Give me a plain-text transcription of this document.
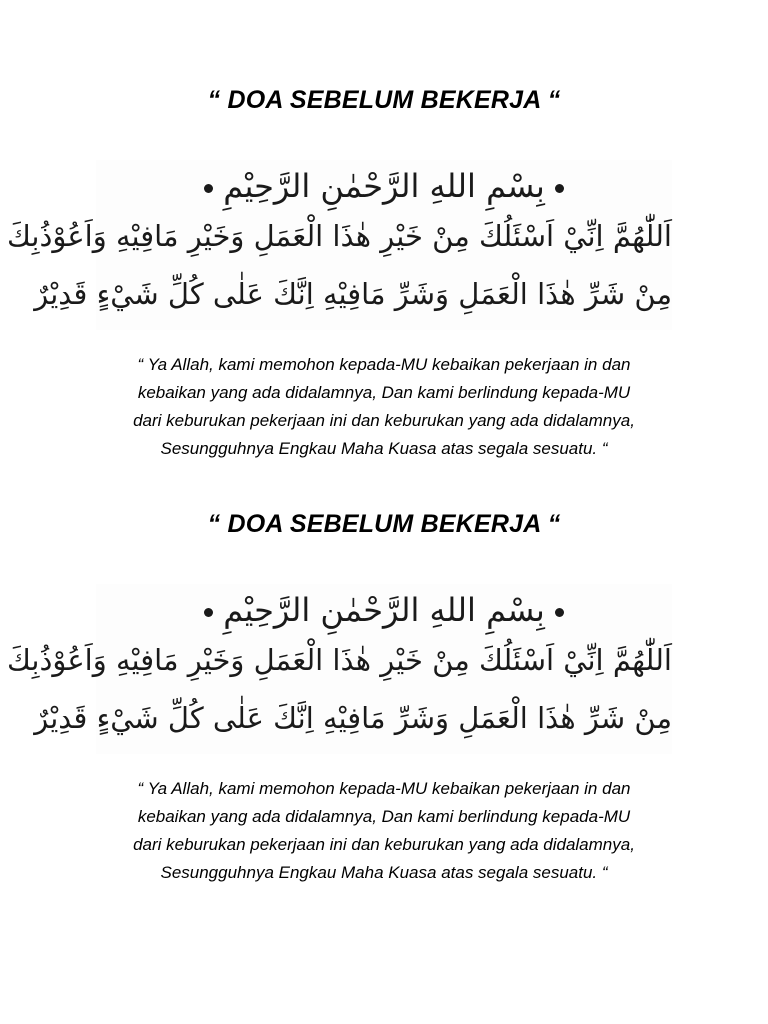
“ DOA SEBELUM BEKERJA “
بِسْمِ اللهِ الرَّحْمٰنِ الرَّحِيْمِ
اَللّٰهُمَّ اِنِّيْ اَسْئَلُكَ مِنْ خَيْرِ هٰذَا الْعَمَلِ وَخَيْرِ مَافِيْهِ وَاَعُوْذُبِكَ
مِنْ شَرِّ هٰذَا الْعَمَلِ وَشَرِّ مَافِيْهِ اِنَّكَ عَلٰى كُلِّ شَيْءٍ قَدِيْرٌ

“ Ya Allah, kami memohon kepada-MU kebaikan pekerjaan in dan
kebaikan yang ada didalamnya, Dan kami berlindung kepada-MU
dari keburukan pekerjaan ini dan keburukan yang ada didalamnya,
Sesungguhnya Engkau Maha Kuasa atas segala sesuatu. “

“ DOA SEBELUM BEKERJA “
بِسْمِ اللهِ الرَّحْمٰنِ الرَّحِيْمِ
اَللّٰهُمَّ اِنِّيْ اَسْئَلُكَ مِنْ خَيْرِ هٰذَا الْعَمَلِ وَخَيْرِ مَافِيْهِ وَاَعُوْذُبِكَ
مِنْ شَرِّ هٰذَا الْعَمَلِ وَشَرِّ مَافِيْهِ اِنَّكَ عَلٰى كُلِّ شَيْءٍ قَدِيْرٌ

“ Ya Allah, kami memohon kepada-MU kebaikan pekerjaan in dan
kebaikan yang ada didalamnya, Dan kami berlindung kepada-MU
dari keburukan pekerjaan ini dan keburukan yang ada didalamnya,
Sesungguhnya Engkau Maha Kuasa atas segala sesuatu. “
